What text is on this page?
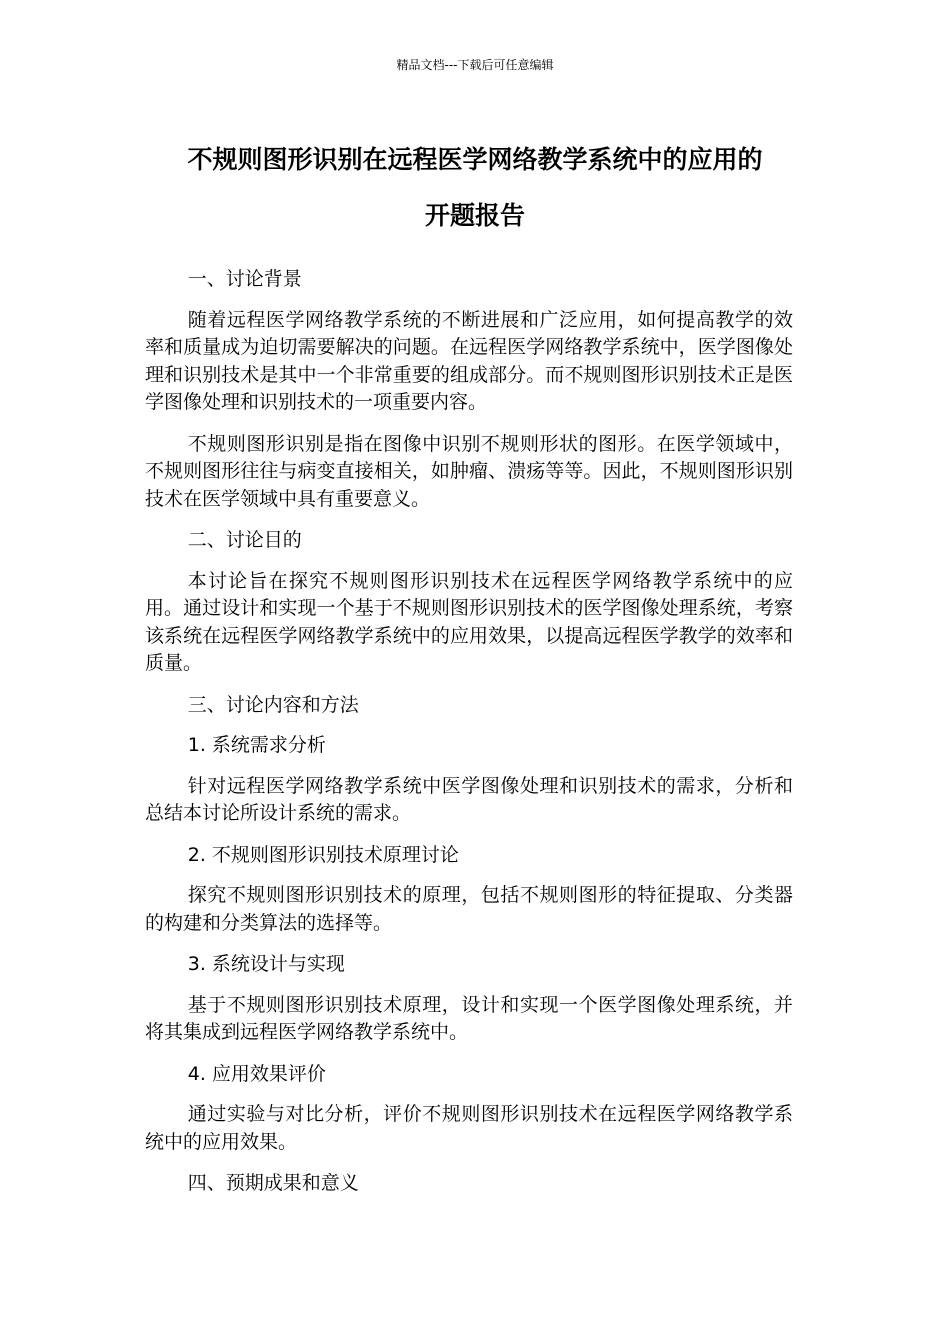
精品文档---下载后可任意编辑
不规则图形识别在远程医学网络教学系统中的应用的
开题报告

一、讨论背景

随着远程医学网络教学系统的不断进展和广泛应用，如何提高教学的效率和质量成为迫切需要解决的问题。在远程医学网络教学系统中，医学图像处理和识别技术是其中一个非常重要的组成部分。而不规则图形识别技术正是医学图像处理和识别技术的一项重要内容。

不规则图形识别是指在图像中识别不规则形状的图形。在医学领域中，不规则图形往往与病变直接相关，如肿瘤、溃疡等等。因此，不规则图形识别技术在医学领域中具有重要意义。

二、讨论目的

本讨论旨在探究不规则图形识别技术在远程医学网络教学系统中的应用。通过设计和实现一个基于不规则图形识别技术的医学图像处理系统，考察该系统在远程医学网络教学系统中的应用效果，以提高远程医学教学的效率和质量。

三、讨论内容和方法

1. 系统需求分析

针对远程医学网络教学系统中医学图像处理和识别技术的需求，分析和总结本讨论所设计系统的需求。

2. 不规则图形识别技术原理讨论

探究不规则图形识别技术的原理，包括不规则图形的特征提取、分类器的构建和分类算法的选择等。

3. 系统设计与实现

基于不规则图形识别技术原理，设计和实现一个医学图像处理系统，并将其集成到远程医学网络教学系统中。

4. 应用效果评价

通过实验与对比分析，评价不规则图形识别技术在远程医学网络教学系统中的应用效果。

四、预期成果和意义
